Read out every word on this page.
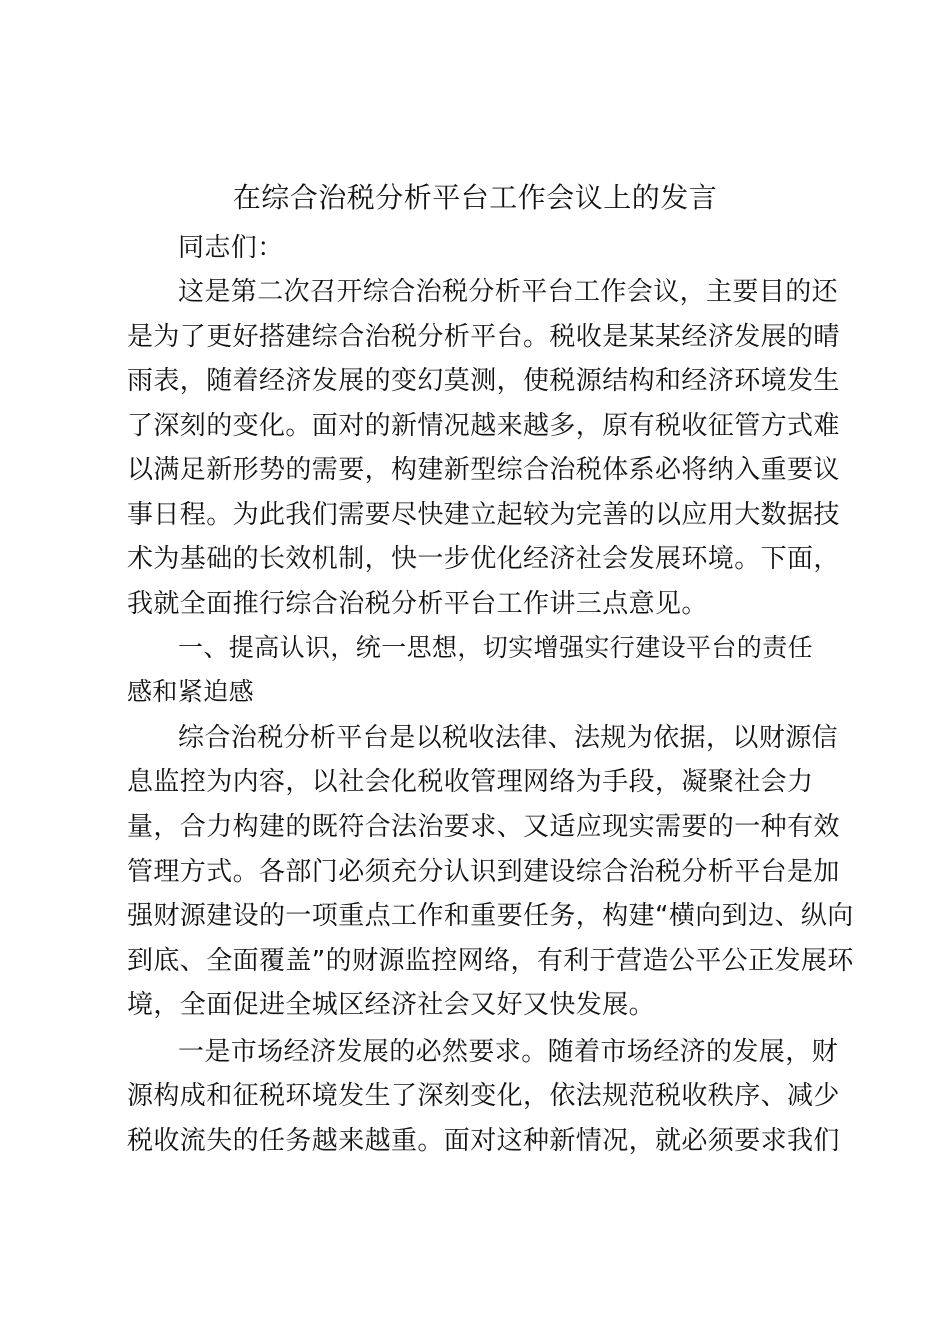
在综合治税分析平台工作会议上的发言
同志们：
这是第二次召开综合治税分析平台工作会议，主要目的还
是为了更好搭建综合治税分析平台。税收是某某经济发展的晴
雨表，随着经济发展的变幻莫测，使税源结构和经济环境发生
了深刻的变化。面对的新情况越来越多，原有税收征管方式难
以满足新形势的需要，构建新型综合治税体系必将纳入重要议
事日程。为此我们需要尽快建立起较为完善的以应用大数据技
术为基础的长效机制，快一步优化经济社会发展环境。下面，
我就全面推行综合治税分析平台工作讲三点意见。
一、提高认识，统一思想，切实增强实行建设平台的责任
感和紧迫感
综合治税分析平台是以税收法律、法规为依据，以财源信
息监控为内容，以社会化税收管理网络为手段，凝聚社会力
量，合力构建的既符合法治要求、又适应现实需要的一种有效
管理方式。各部门必须充分认识到建设综合治税分析平台是加
强财源建设的一项重点工作和重要任务，构建“横向到边、纵向
到底、全面覆盖”的财源监控网络，有利于营造公平公正发展环
境，全面促进全城区经济社会又好又快发展。
一是市场经济发展的必然要求。随着市场经济的发展，财
源构成和征税环境发生了深刻变化，依法规范税收秩序、减少
税收流失的任务越来越重。面对这种新情况，就必须要求我们
